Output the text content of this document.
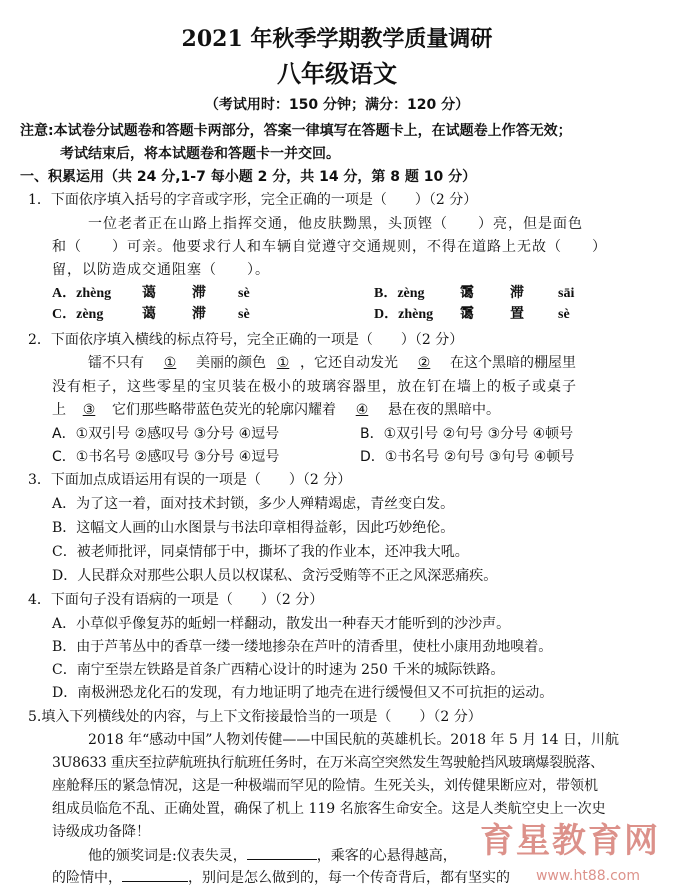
2021 年秋季学期教学质量调研
八年级语文
（考试用时：150 分钟；满分：120 分）
注意:本试卷分试题卷和答题卡两部分，答案一律填写在答题卡上，在试题卷上作答无效；
考试结束后，将本试题卷和答题卡一并交回。
一、积累运用（共 24 分,1-7 每小题 2 分，共 14 分，第 8 题 10 分）
1．下面依序填入括号的字音或字形，完全正确的一项是（　　）（2 分）
一位老者正在山路上指挥交通，他皮肤黝黑，头顶铿（　　）亮，但是面色
和（　　）可亲。他要求行人和车辆自觉遵守交通规则，不得在道路上无故（　　）
留，以防造成交通阻塞（　　）。
A．zhèng 蔼	滞 sè	B．zèng	霭	滞 sāi
C．zèng	蔼	滞 sè	D．zhèng 霭	置 sè
2．下面依序填入横线的标点符号，完全正确的一项是（　　）（2 分）
镭不只有 ① 美丽的颜色 ① ，它还自动发光 ② 在这个黑暗的棚屋里
没有柜子，这些零星的宝贝装在极小的玻璃容器里，放在钉在墙上的板子或桌子
上 ③ 它们那些略带蓝色荧光的轮廓闪耀着 ④ 悬在夜的黑暗中。
A．①双引号 ②感叹号 ③分号 ④逗号	B．①双引号 ②句号 ③分号 ④顿号
C．①书名号 ②感叹号 ③分号 ④逗号	D．①书名号 ②句号 ③句号 ④顿号
3．下面加点成语运用有误的一项是（　　）（2 分）
A．为了这一着，面对技术封锁，多少人殚精竭虑，青丝变白发。
B．这幅文人画的山水图景与书法印章相得益彰，因此巧妙绝伦。
C．被老师批评，同桌情郁于中，撕坏了我的作业本，还冲我大吼。
D．人民群众对那些公职人员以权谋私、贪污受贿等不正之风深恶痛疾。
4．下面句子没有语病的一项是（　　）（2 分）
A．小草似乎像复苏的蚯蚓一样翻动，散发出一种春天才能听到的沙沙声。
B．由于芦苇丛中的香草一缕一缕地掺杂在芦叶的清香里，使杜小康用劲地嗅着。
C．南宁至崇左铁路是首条广西精心设计的时速为 250 千米的城际铁路。
D．南极洲恐龙化石的发现，有力地证明了地壳在进行缓慢但又不可抗拒的运动。
5.填入下列横线处的内容，与上下文衔接最恰当的一项是（　　）（2 分）
2018 年“感动中国”人物刘传健——中国民航的英雄机长。2018 年 5 月 14 日，川航
3U8633 重庆至拉萨航班执行航班任务时，在万米高空突然发生驾驶舱挡风玻璃爆裂脱落、
座舱释压的紧急情况，这是一种极端而罕见的险情。生死关头，刘传健果断应对，带领机
组成员临危不乱、正确处置，确保了机上 119 名旅客生命安全。这是人类航空史上一次史
诗级成功备降！
他的颁奖词是:仪表失灵，	，乘客的心悬得越高，
的险情中，	，别问是怎么做到的，每一个传奇背后，都有坚实的
育星教育网
www.ht88.com
